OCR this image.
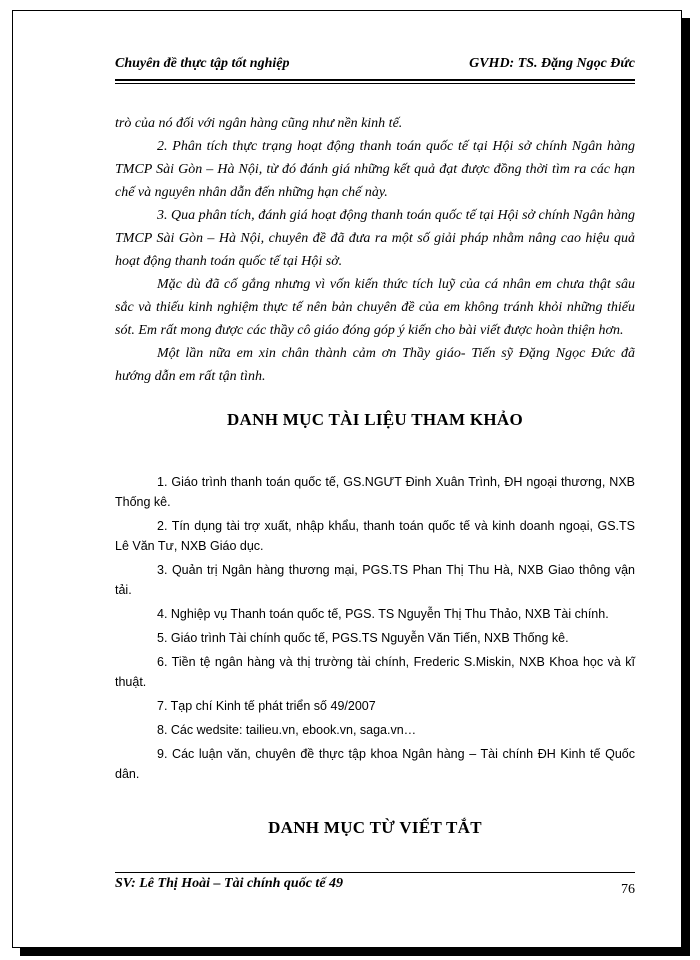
Chuyên đề thực tập tốt nghiệp	GVHD: TS. Đặng Ngọc Đức

trò của nó đối với ngân hàng cũng như nền kinh tế.

2. Phân tích thực trạng hoạt động thanh toán quốc tế tại Hội sở chính Ngân hàng TMCP Sài Gòn – Hà Nội, từ đó đánh giá những kết quả đạt được đồng thời tìm ra các hạn chế và nguyên nhân dẫn đến những hạn chế này.

3. Qua phân tích, đánh giá hoạt động thanh toán quốc tế tại Hội sở chính Ngân hàng TMCP Sài Gòn – Hà Nội, chuyên đề đã đưa ra một số giải pháp nhằm nâng cao hiệu quả hoạt động thanh toán quốc tế tại Hội sở.

Mặc dù đã cố gắng nhưng vì vốn kiến thức tích luỹ của cá nhân em chưa thật sâu sắc và thiếu kinh nghiệm thực tế nên bản chuyên đề của em không tránh khỏi những thiếu sót. Em rất mong được các thầy cô giáo đóng góp ý kiến cho bài viết được hoàn thiện hơn.

Một lần nữa em xin chân thành cảm ơn Thầy giáo- Tiến sỹ Đặng Ngọc Đức đã hướng dẫn em rất tận tình.

DANH MỤC TÀI LIỆU THAM KHẢO

1. Giáo trình thanh toán quốc tế, GS.NGƯT Đinh Xuân Trình, ĐH ngoại thương, NXB Thống kê.

2. Tín dụng tài trợ xuất, nhập khẩu, thanh toán quốc tế và kinh doanh ngoại, GS.TS Lê Văn Tư, NXB Giáo dục.

3. Quản trị Ngân hàng thương mại, PGS.TS Phan Thị Thu Hà, NXB Giao thông vận tải.

4. Nghiệp vụ Thanh toán quốc tế, PGS. TS Nguyễn Thị Thu Thảo, NXB Tài chính.

5. Giáo trình Tài chính quốc tế, PGS.TS Nguyễn Văn Tiến, NXB Thống kê.

6. Tiền tệ ngân hàng và thị trường tài chính, Frederic S.Miskin, NXB Khoa học và kĩ thuật.

7. Tạp chí Kinh tế phát triển số 49/2007

8. Các wedsite: tailieu.vn, ebook.vn, saga.vn…

9. Các luận văn, chuyên đề thực tập khoa Ngân hàng – Tài chính ĐH Kinh tế Quốc dân.

DANH MỤC TỪ VIẾT TẮT
SV: Lê Thị Hoài – Tài chính quốc tế 49	76
